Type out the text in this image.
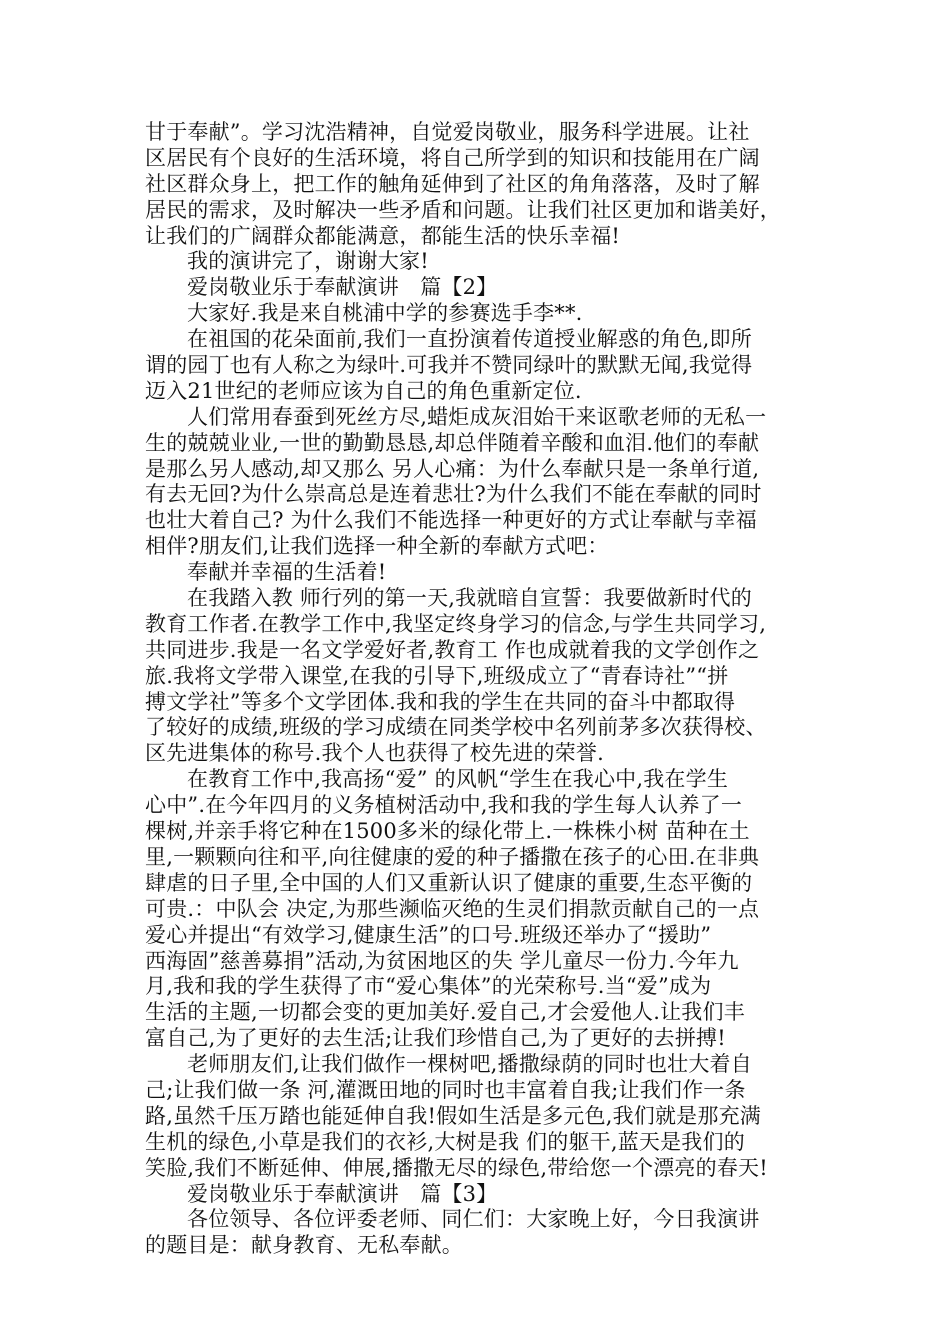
甘于奉献”。学习沈浩精神，自觉爱岗敬业，服务科学进展。让社
区居民有个良好的生活环境，将自己所学到的知识和技能用在广阔
社区群众身上，把工作的触角延伸到了社区的角角落落，及时了解
居民的需求，及时解决一些矛盾和问题。让我们社区更加和谐美好，
让我们的广阔群众都能满意，都能生活的快乐幸福!
我的演讲完了，谢谢大家!
爱岗敬业乐于奉献演讲　篇【2】
大家好.我是来自桃浦中学的参赛选手李**.
在祖国的花朵面前,我们一直扮演着传道授业解惑的角色,即所
谓的园丁也有人称之为绿叶.可我并不赞同绿叶的默默无闻,我觉得
迈入21世纪的老师应该为自己的角色重新定位.
人们常用春蚕到死丝方尽,蜡炬成灰泪始干来讴歌老师的无私一
生的兢兢业业,一世的勤勤恳恳,却总伴随着辛酸和血泪.他们的奉献
是那么另人感动,却又那么 另人心痛：为什么奉献只是一条单行道,
有去无回?为什么崇高总是连着悲壮?为什么我们不能在奉献的同时
也壮大着自己? 为什么我们不能选择一种更好的方式让奉献与幸福
相伴?朋友们,让我们选择一种全新的奉献方式吧：
奉献并幸福的生活着!
在我踏入教 师行列的第一天,我就暗自宣誓：我要做新时代的
教育工作者.在教学工作中,我坚定终身学习的信念,与学生共同学习,
共同进步.我是一名文学爱好者,教育工 作也成就着我的文学创作之
旅.我将文学带入课堂,在我的引导下,班级成立了“青春诗社”“拼
搏文学社”等多个文学团体.我和我的学生在共同的奋斗中都取得
了较好的成绩,班级的学习成绩在同类学校中名列前茅多次获得校、
区先进集体的称号.我个人也获得了校先进的荣誉.
在教育工作中,我高扬“爱” 的风帆“学生在我心中,我在学生
心中”.在今年四月的义务植树活动中,我和我的学生每人认养了一
棵树,并亲手将它种在1500多米的绿化带上.一株株小树 苗种在土
里,一颗颗向往和平,向往健康的爱的种子播撒在孩子的心田.在非典
肆虐的日子里,全中国的人们又重新认识了健康的重要,生态平衡的
可贵.：中队会 决定,为那些濒临灭绝的生灵们捐款贡献自己的一点
爱心并提出“有效学习,健康生活”的口号.班级还举办了“援助”
西海固”慈善募捐”活动,为贫困地区的失 学儿童尽一份力.今年九
月,我和我的学生获得了市“爱心集体”的光荣称号.当“爱”成为
生活的主题,一切都会变的更加美好.爱自己,才会爱他人.让我们丰
富自己,为了更好的去生活;让我们珍惜自己,为了更好的去拼搏!
老师朋友们,让我们做作一棵树吧,播撒绿荫的同时也壮大着自
己;让我们做一条 河,灌溉田地的同时也丰富着自我;让我们作一条
路,虽然千压万踏也能延伸自我!假如生活是多元色,我们就是那充满
生机的绿色,小草是我们的衣衫,大树是我 们的躯干,蓝天是我们的
笑脸,我们不断延伸、伸展,播撒无尽的绿色,带给您一个漂亮的春天!
爱岗敬业乐于奉献演讲　篇【3】
各位领导、各位评委老师、同仁们：大家晚上好，今日我演讲
的题目是：献身教育、无私奉献。
